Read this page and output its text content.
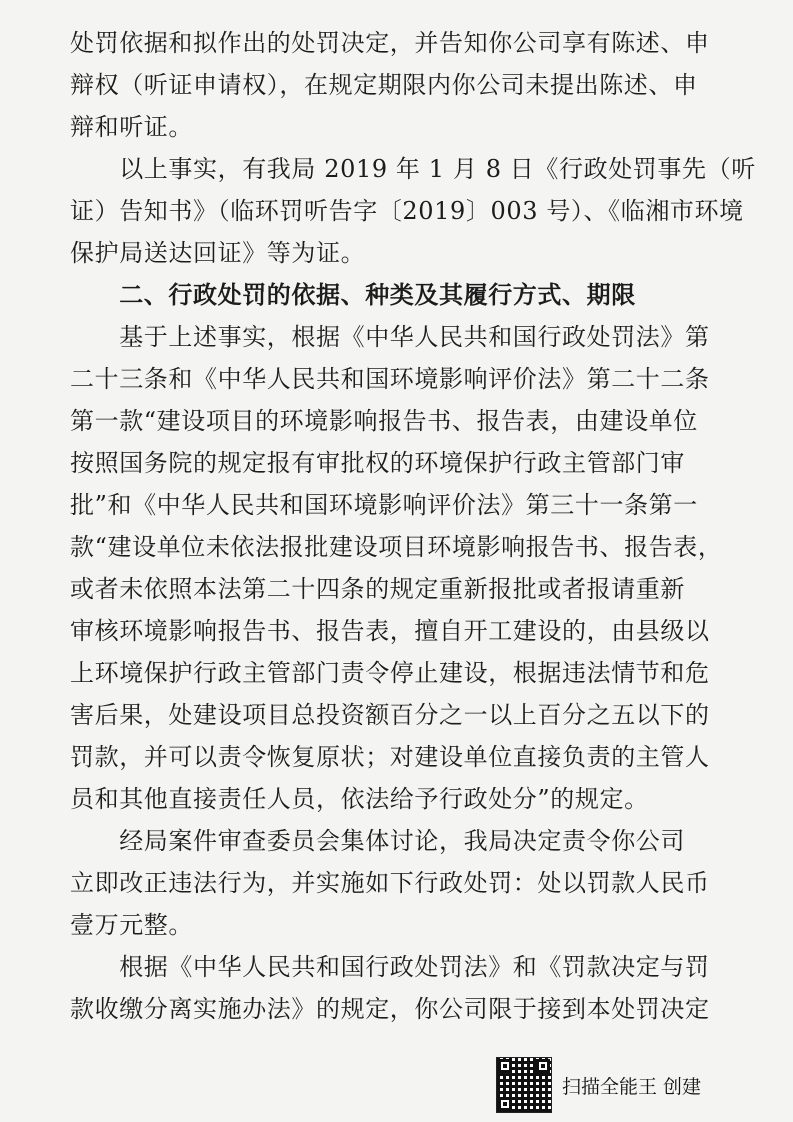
处罚依据和拟作出的处罚决定，并告知你公司享有陈述、申
辩权（听证申请权），在规定期限内你公司未提出陈述、申
辩和听证。
　　以上事实，有我局 2019 年 1 月 8 日《行政处罚事先（听
证）告知书》（临环罚听告字〔2019〕003 号）、《临湘市环境
保护局送达回证》等为证。
　　二、行政处罚的依据、种类及其履行方式、期限
　　基于上述事实，根据《中华人民共和国行政处罚法》第
二十三条和《中华人民共和国环境影响评价法》第二十二条
第一款“建设项目的环境影响报告书、报告表，由建设单位
按照国务院的规定报有审批权的环境保护行政主管部门审
批”和《中华人民共和国环境影响评价法》第三十一条第一
款“建设单位未依法报批建设项目环境影响报告书、报告表，
或者未依照本法第二十四条的规定重新报批或者报请重新
审核环境影响报告书、报告表，擅自开工建设的，由县级以
上环境保护行政主管部门责令停止建设，根据违法情节和危
害后果，处建设项目总投资额百分之一以上百分之五以下的
罚款，并可以责令恢复原状；对建设单位直接负责的主管人
员和其他直接责任人员，依法给予行政处分”的规定。
　　经局案件审查委员会集体讨论，我局决定责令你公司
立即改正违法行为，并实施如下行政处罚：处以罚款人民币
壹万元整。
　　根据《中华人民共和国行政处罚法》和《罚款决定与罚
款收缴分离实施办法》的规定，你公司限于接到本处罚决定
扫描全能王 创建
